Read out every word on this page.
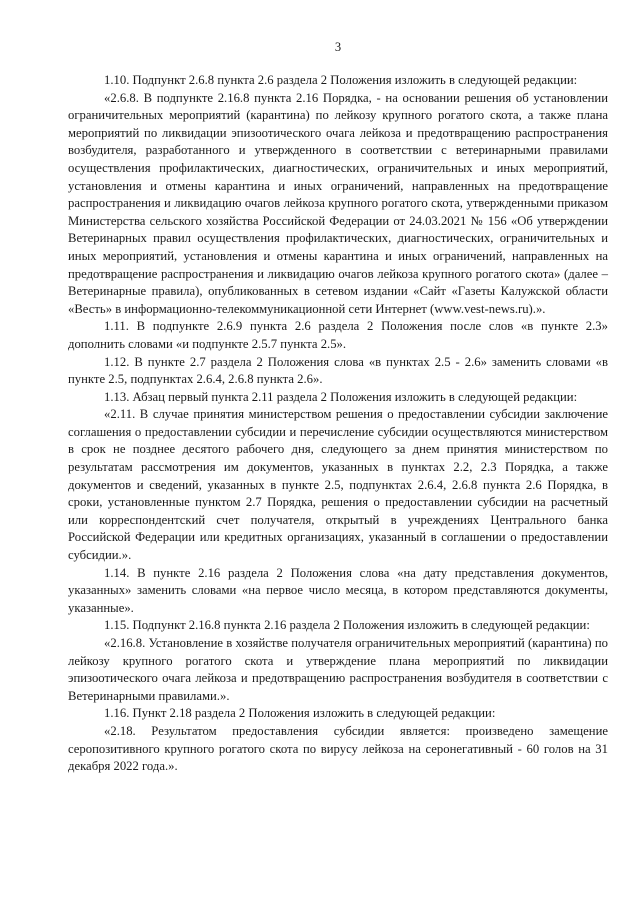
3

1.10. Подпункт 2.6.8 пункта 2.6 раздела 2 Положения изложить в следующей редакции:

«2.6.8. В подпункте 2.16.8 пункта 2.16 Порядка, - на основании решения об установлении ограничительных мероприятий (карантина) по лейкозу крупного рогатого скота, а также плана мероприятий по ликвидации эпизоотического очага лейкоза и предотвращению распространения возбудителя, разработанного и утвержденного в соответствии с ветеринарными правилами осуществления профилактических, диагностических, ограничительных и иных мероприятий, установления и отмены карантина и иных ограничений, направленных на предотвращение распространения и ликвидацию очагов лейкоза крупного рогатого скота, утвержденными приказом Министерства сельского хозяйства Российской Федерации от 24.03.2021 № 156 «Об утверждении Ветеринарных правил осуществления профилактических, диагностических, ограничительных и иных мероприятий, установления и отмены карантина и иных ограничений, направленных на предотвращение распространения и ликвидацию очагов лейкоза крупного рогатого скота» (далее – Ветеринарные правила), опубликованных в сетевом издании «Сайт «Газеты Калужской области «Весть» в информационно-телекоммуникационной сети Интернет (www.vest-news.ru).».

1.11. В подпункте 2.6.9 пункта 2.6 раздела 2 Положения после слов «в пункте 2.3» дополнить словами «и подпункте 2.5.7 пункта 2.5».

1.12. В пункте 2.7 раздела 2 Положения слова «в пунктах 2.5 - 2.6» заменить словами «в пункте 2.5, подпунктах 2.6.4, 2.6.8 пункта 2.6».

1.13. Абзац первый пункта 2.11 раздела 2 Положения изложить в следующей редакции:

«2.11. В случае принятия министерством решения о предоставлении субсидии заключение соглашения о предоставлении субсидии и перечисление субсидии осуществляются министерством в срок не позднее десятого рабочего дня, следующего за днем принятия министерством по результатам рассмотрения им документов, указанных в пунктах 2.2, 2.3 Порядка, а также документов и сведений, указанных в пункте 2.5, подпунктах 2.6.4, 2.6.8 пункта 2.6 Порядка, в сроки, установленные пунктом 2.7 Порядка, решения о предоставлении субсидии на расчетный или корреспондентский счет получателя, открытый в учреждениях Центрального банка Российской Федерации или кредитных организациях, указанный в соглашении о предоставлении субсидии.».

1.14. В пункте 2.16 раздела 2 Положения слова «на дату представления документов, указанных» заменить словами «на первое число месяца, в котором представляются документы, указанные».

1.15. Подпункт 2.16.8 пункта 2.16 раздела 2 Положения изложить в следующей редакции:

«2.16.8. Установление в хозяйстве получателя ограничительных мероприятий (карантина) по лейкозу крупного рогатого скота и утверждение плана мероприятий по ликвидации эпизоотического очага лейкоза и предотвращению распространения возбудителя в соответствии с Ветеринарными правилами.».

1.16. Пункт 2.18 раздела 2 Положения изложить в следующей редакции:

«2.18. Результатом предоставления субсидии является: произведено замещение серопозитивного крупного рогатого скота по вирусу лейкоза на серонегативный - 60 голов на 31 декабря 2022 года.».
